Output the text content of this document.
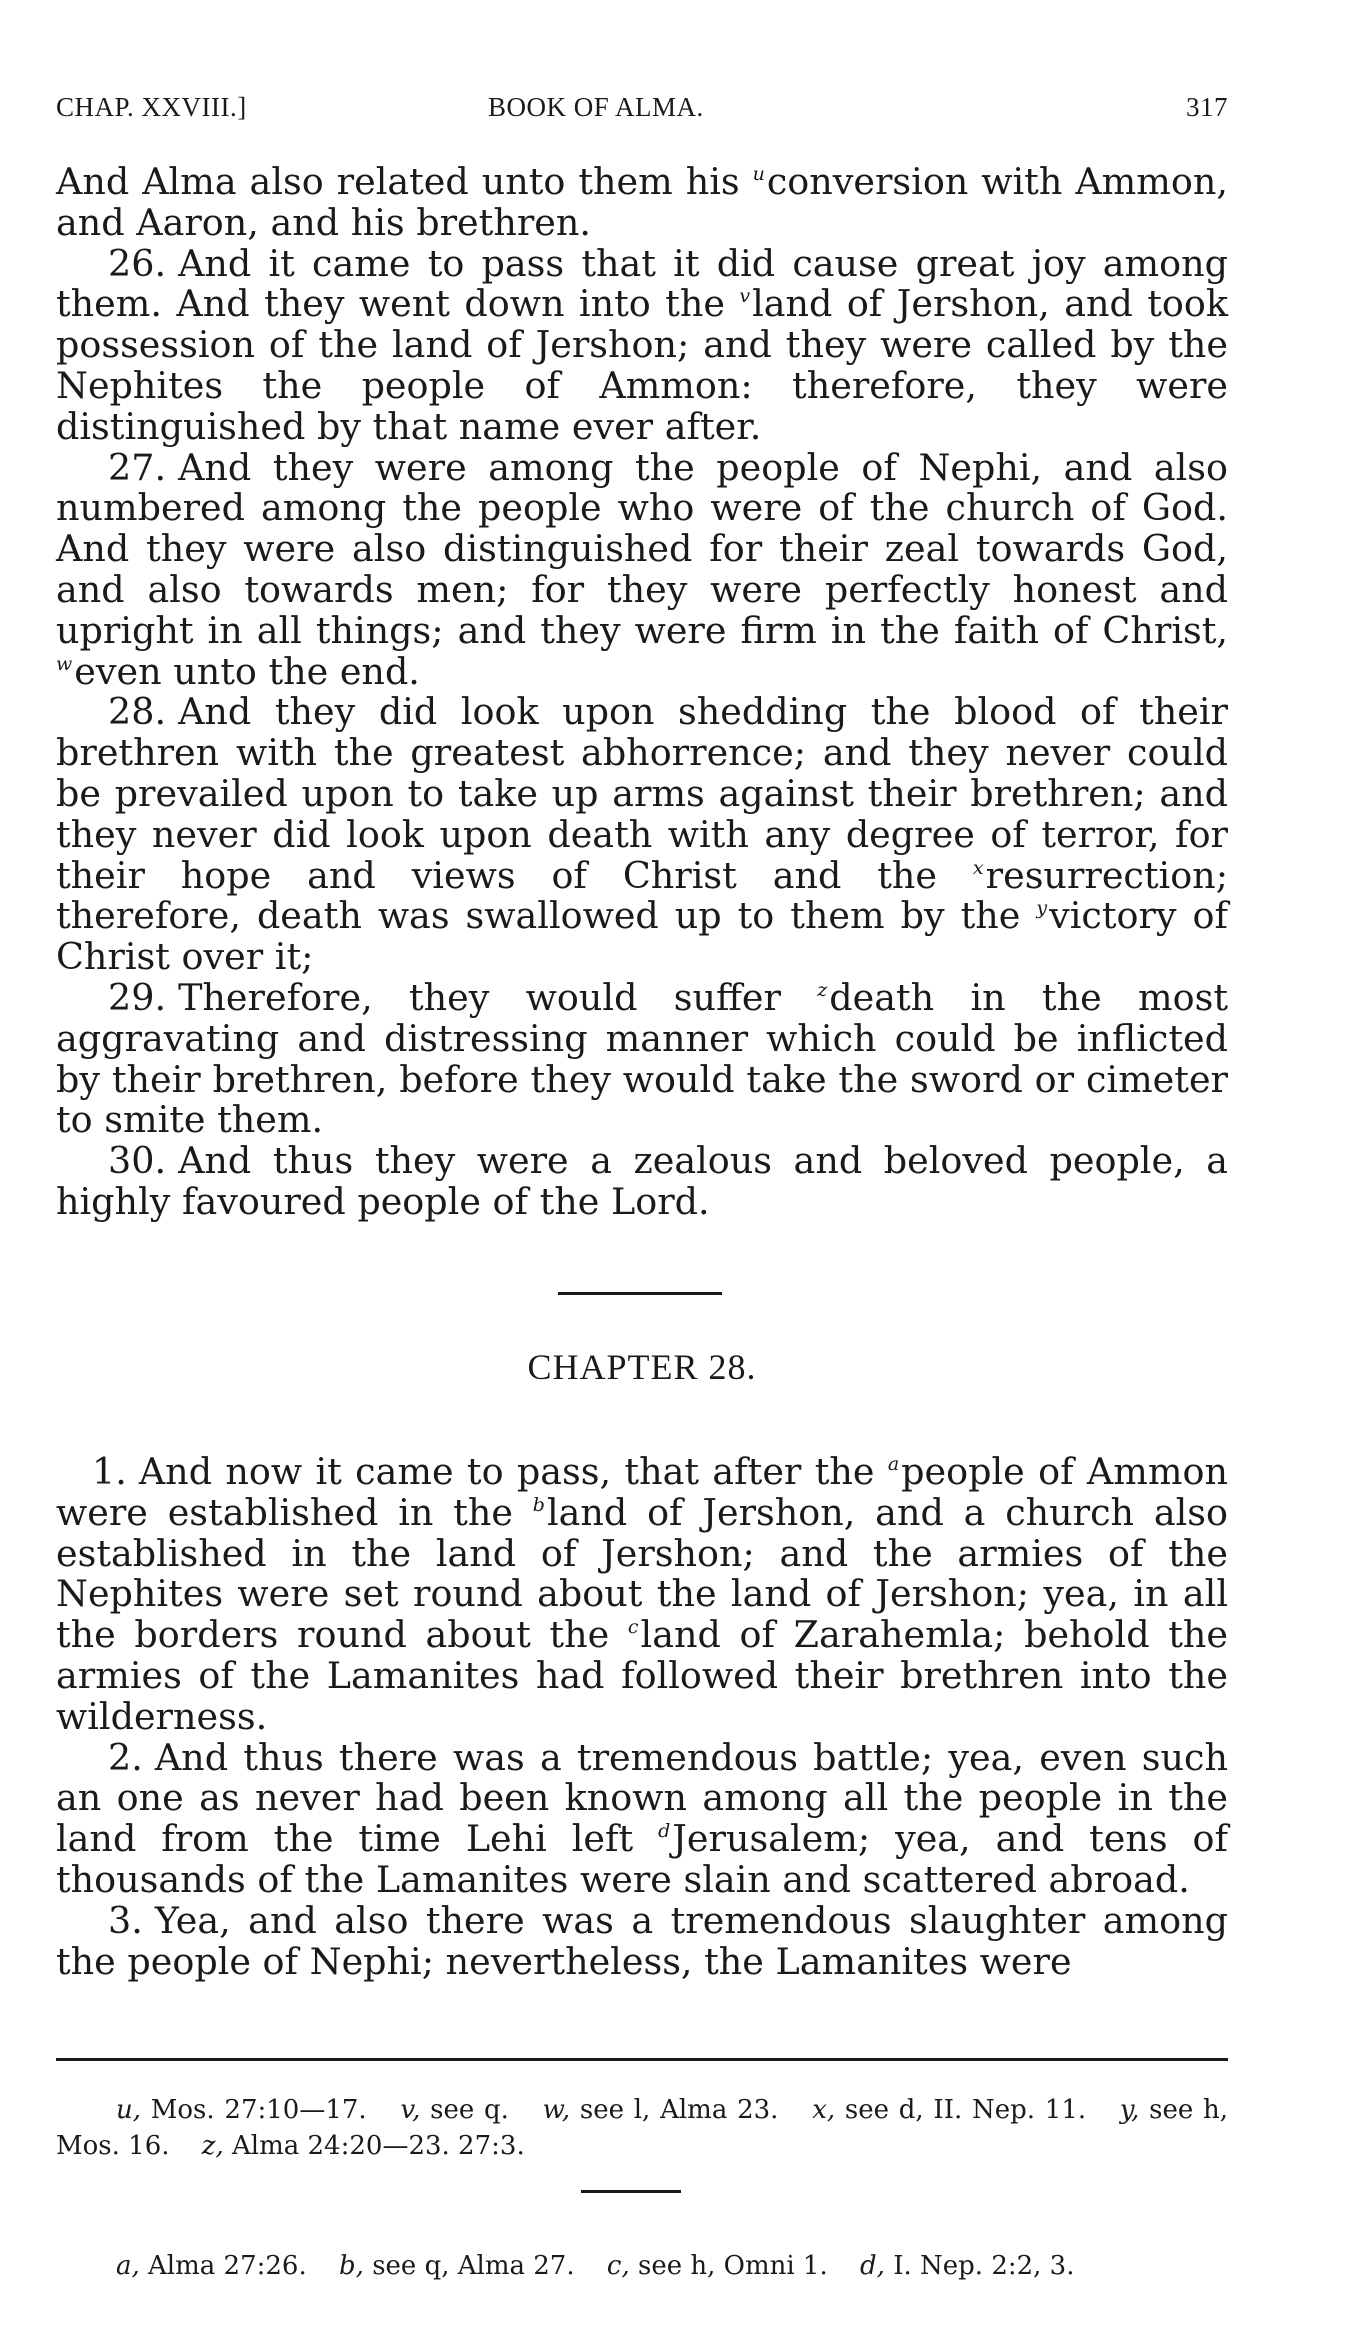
CHAP. XXVIII.]	BOOK OF ALMA.	317

And Alma also related unto them his $^u$conversion with Ammon, and Aaron, and his brethren.

26. And it came to pass that it did cause great joy among them. And they went down into the $^v$land of Jershon, and took possession of the land of Jershon; and they were called by the Nephites the people of Ammon: therefore, they were distinguished by that name ever after.

27. And they were among the people of Nephi, and also numbered among the people who were of the church of God. And they were also distinguished for their zeal towards God, and also towards men; for they were perfectly honest and upright in all things; and they were firm in the faith of Christ, $^w$even unto the end.

28. And they did look upon shedding the blood of their brethren with the greatest abhorrence; and they never could be prevailed upon to take up arms against their brethren; and they never did look upon death with any degree of terror, for their hope and views of Christ and the $^x$resurrection; therefore, death was swallowed up to them by the $^y$victory of Christ over it;

29. Therefore, they would suffer $^z$death in the most aggravating and distressing manner which could be inflicted by their brethren, before they would take the sword or cimeter to smite them.

30. And thus they were a zealous and beloved people, a highly favoured people of the Lord.

CHAPTER 28.

1. And now it came to pass, that after the $^a$people of Ammon were established in the $^b$land of Jershon, and a church also established in the land of Jershon; and the armies of the Nephites were set round about the land of Jershon; yea, in all the borders round about the $^c$land of Zarahemla; behold the armies of the Lamanites had followed their brethren into the wilderness.

2. And thus there was a tremendous battle; yea, even such an one as never had been known among all the people in the land from the time Lehi left $^d$Jerusalem; yea, and tens of thousands of the Lamanites were slain and scattered abroad.

3. Yea, and also there was a tremendous slaughter among the people of Nephi; nevertheless, the Lamanites were

u, Mos. 27:10—17. v, see q. w, see l, Alma 23. x, see d, II. Nep. 11. y, see h, Mos. 16. z, Alma 24:20—23. 27:3.
a, Alma 27:26. b, see q, Alma 27. c, see h, Omni 1. d, I. Nep. 2:2, 3.
